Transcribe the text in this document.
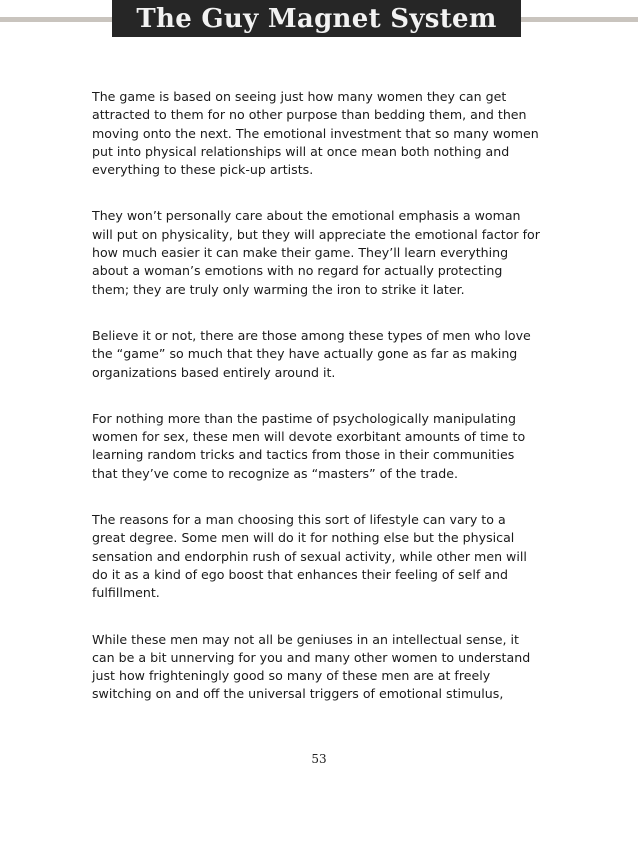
The Guy Magnet System

The game is based on seeing just how many women they can get attracted to them for no other purpose than bedding them, and then moving onto the next. The emotional investment that so many women put into physical relationships will at once mean both nothing and everything to these pick-up artists.

They won’t personally care about the emotional emphasis a woman will put on physicality, but they will appreciate the emotional factor for how much easier it can make their game. They’ll learn everything about a woman’s emotions with no regard for actually protecting them; they are truly only warming the iron to strike it later.

Believe it or not, there are those among these types of men who love the “game” so much that they have actually gone as far as making organizations based entirely around it.

For nothing more than the pastime of psychologically manipulating women for sex, these men will devote exorbitant amounts of time to learning random tricks and tactics from those in their communities that they’ve come to recognize as “masters” of the trade.

The reasons for a man choosing this sort of lifestyle can vary to a great degree. Some men will do it for nothing else but the physical sensation and endorphin rush of sexual activity, while other men will do it as a kind of ego boost that enhances their feeling of self and fulfillment.

While these men may not all be geniuses in an intellectual sense, it can be a bit unnerving for you and many other women to understand just how frighteningly good so many of these men are at freely switching on and off the universal triggers of emotional stimulus,

53
